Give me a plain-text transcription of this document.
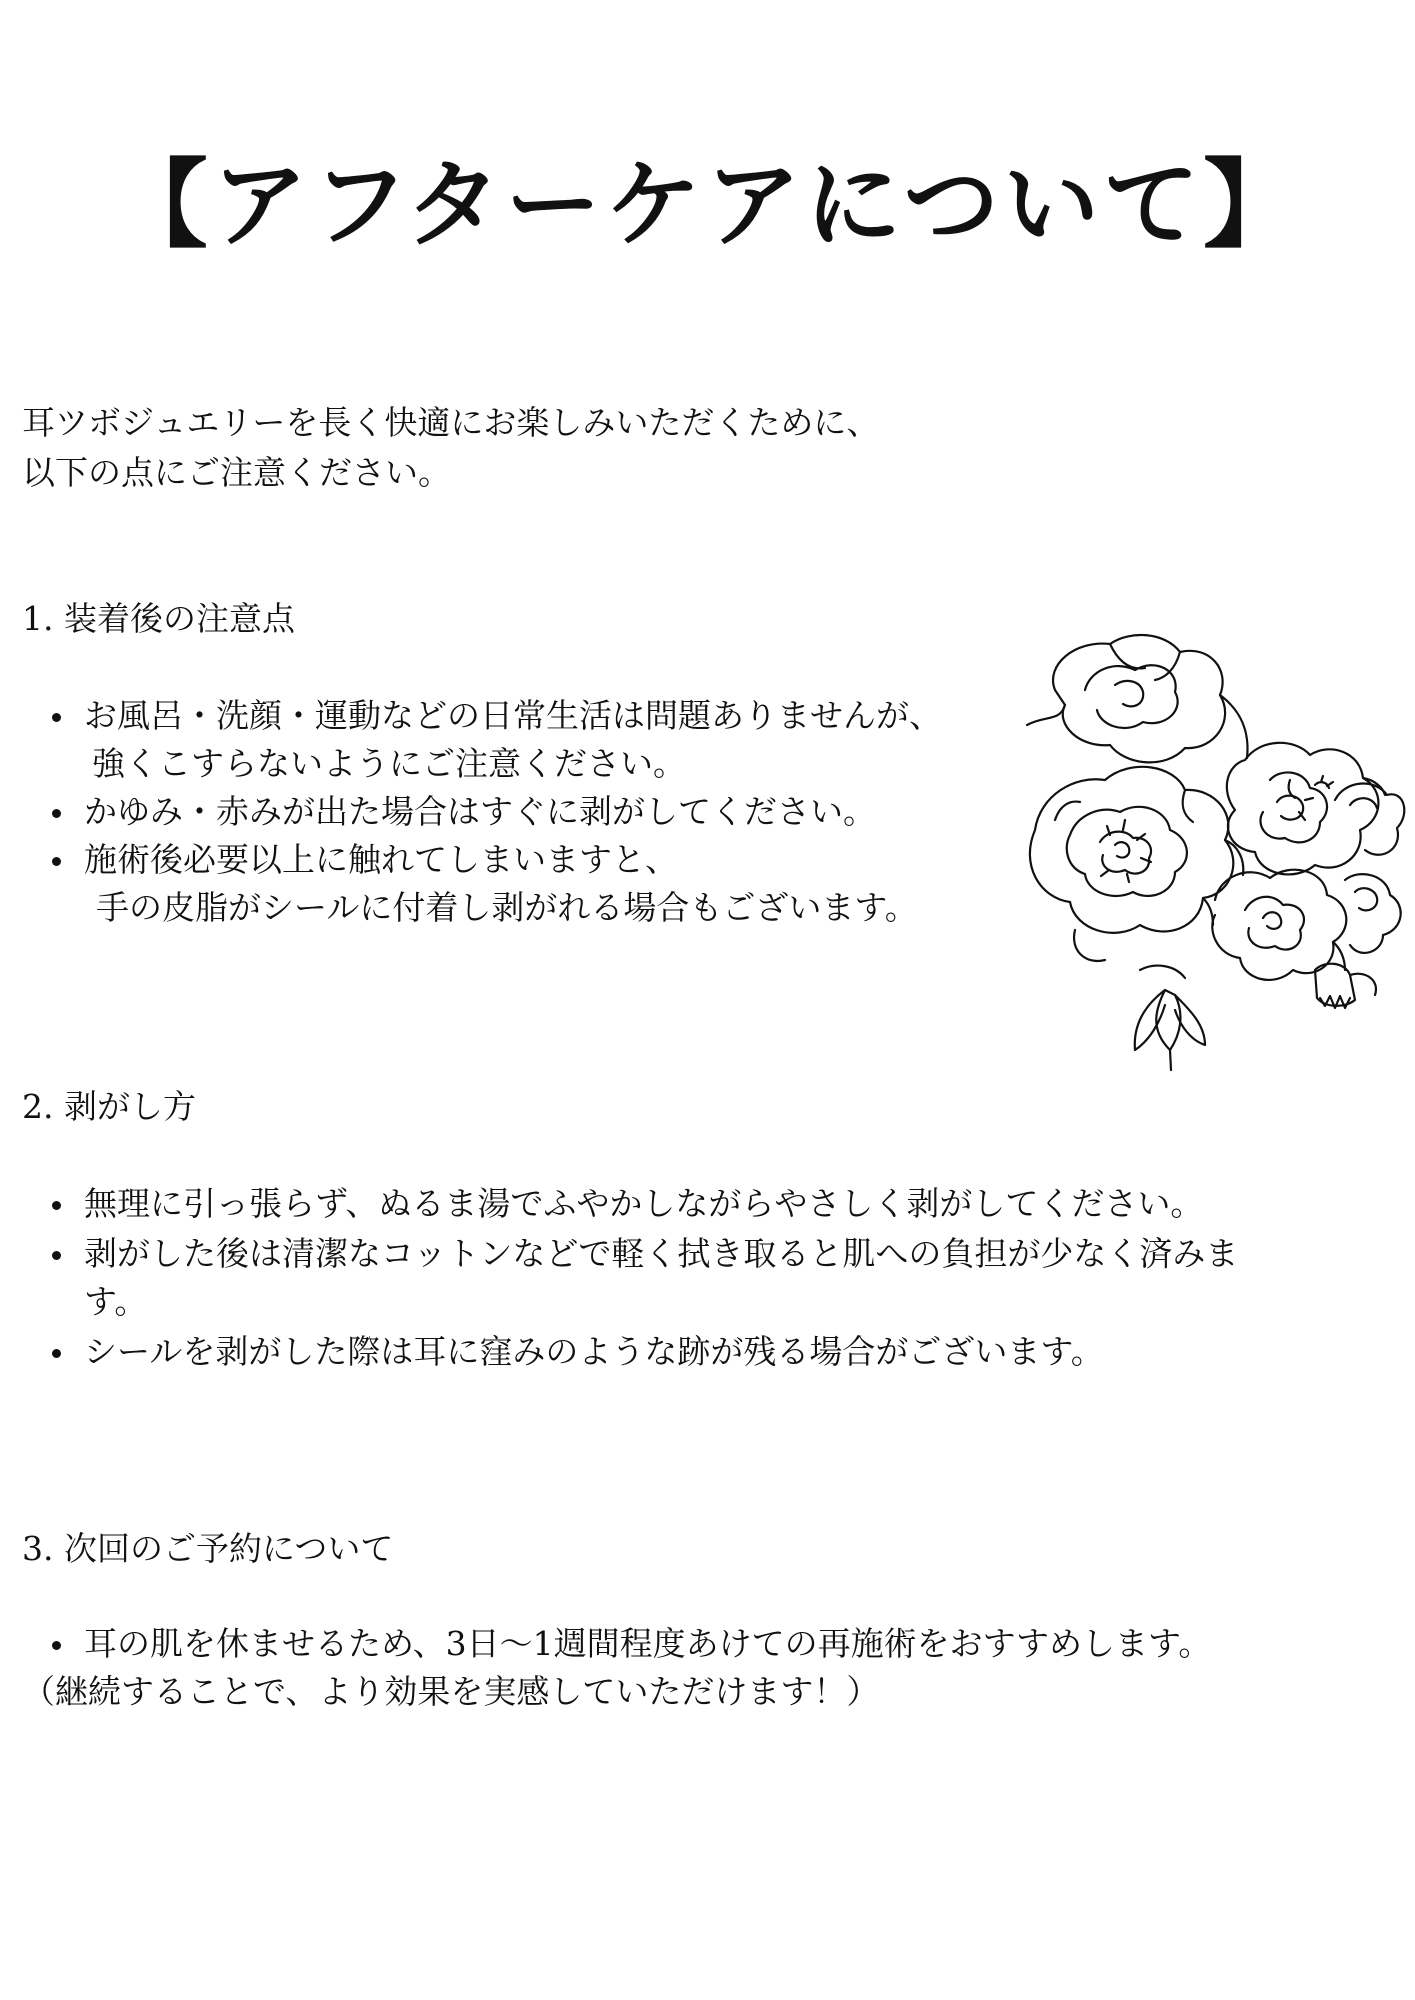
【アフターケアについて】

耳ツボジュエリーを長く快適にお楽しみいただくために、

以下の点にご注意ください。

1. 装着後の注意点
お風呂・洗顔・運動などの日常生活は問題ありませんが、
強くこすらないようにご注意ください。
かゆみ・赤みが出た場合はすぐに剥がしてください。
施術後必要以上に触れてしまいますと、
手の皮脂がシールに付着し剥がれる場合もございます。
2. 剥がし方
無理に引っ張らず、ぬるま湯でふやかしながらやさしく剥がしてください。
剥がした後は清潔なコットンなどで軽く拭き取ると肌への負担が少なく済みま
す。
シールを剥がした際は耳に窪みのような跡が残る場合がございます。
3. 次回のご予約について
耳の肌を休ませるため、3日〜1週間程度あけての再施術をおすすめします。
（継続することで、より効果を実感していただけます！）
